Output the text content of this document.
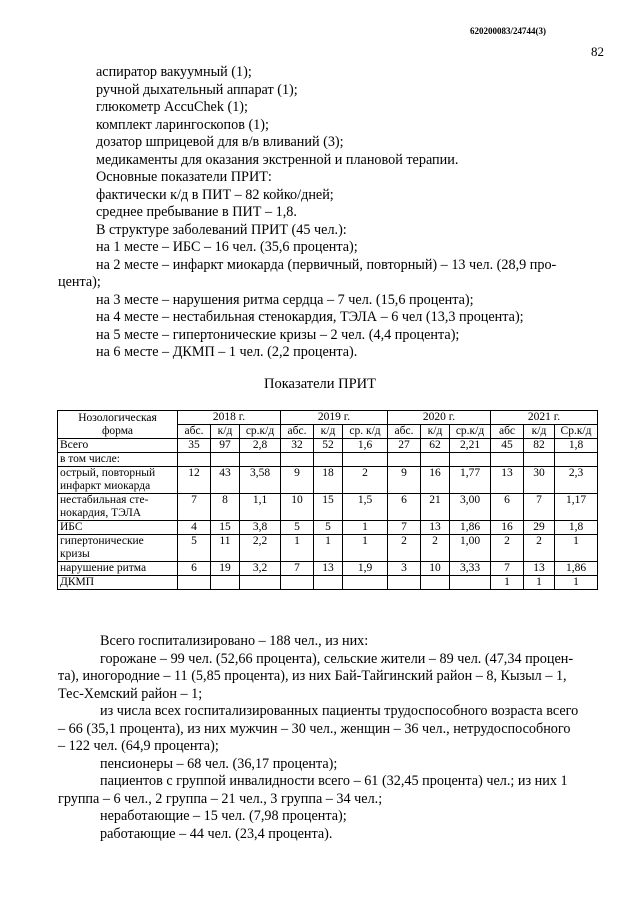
620200083/24744(3)
82

аспиратор вакуумный (1);

ручной дыхательный аппарат (1);

глюкометр AccuChek (1);

комплект ларингоскопов (1);

дозатор шприцевой для в/в вливаний (3);

медикаменты для оказания экстренной и плановой терапии.

Основные показатели ПРИТ:

фактически к/д в ПИТ – 82 койко/дней;

среднее пребывание в ПИТ – 1,8.

В структуре заболеваний ПРИТ (45 чел.):

на 1 месте – ИБС – 16 чел. (35,6 процента);

на 2 месте – инфаркт миокарда (первичный, повторный) – 13 чел. (28,9 про-

цента);

на 3 месте – нарушения ритма сердца – 7 чел. (15,6 процента);

на 4 месте – нестабильная стенокардия, ТЭЛА – 6 чел (13,3 процента);

на 5 месте – гипертонические кризы – 2 чел. (4,4 процента);

на 6 месте – ДКМП – 1 чел. (2,2 процента).

Показатели ПРИТ
Нозологическая
форма	2018 г.			2019 г.			2020 г.			2021 г.		
	абс.	к/д	ср.к/д	абс.	к/д	ср. к/д	абс.	к/д	ср.к/д	абс	к/д	Ср.к/д
Всего	35	97	2,8	32	52	1,6	27	62	2,21	45	82	1,8
в том числе:												
острый, повторный
инфаркт миокарда	12	43	3,58	9	18	2	9	16	1,77	13	30	2,3
нестабильная сте-
нокардия, ТЭЛА	7	8	1,1	10	15	1,5	6	21	3,00	6	7	1,17
ИБС	4	15	3,8	5	5	1	7	13	1,86	16	29	1,8
гипертонические
кризы	5	11	2,2	1	1	1	2	2	1,00	2	2	1
нарушение ритма	6	19	3,2	7	13	1,9	3	10	3,33	7	13	1,86
ДКМП										1	1	1

Всего госпитализировано – 188 чел., из них:

горожане – 99 чел. (52,66 процента), сельские жители – 89 чел. (47,34 процен-

та), иногородние – 11 (5,85 процента), из них Бай-Тайгинский район – 8, Кызыл – 1,

Тес-Хемский район – 1;

из числа всех госпитализированных пациенты трудоспособного возраста всего

– 66 (35,1 процента), из них мужчин – 30 чел., женщин – 36 чел., нетрудоспособного

– 122 чел. (64,9 процента);

пенсионеры – 68 чел. (36,17 процента);

пациентов с группой инвалидности всего – 61 (32,45 процента) чел.; из них 1

группа – 6 чел., 2 группа – 21 чел., 3 группа – 34 чел.;

неработающие – 15 чел. (7,98 процента);

работающие – 44 чел. (23,4 процента).
